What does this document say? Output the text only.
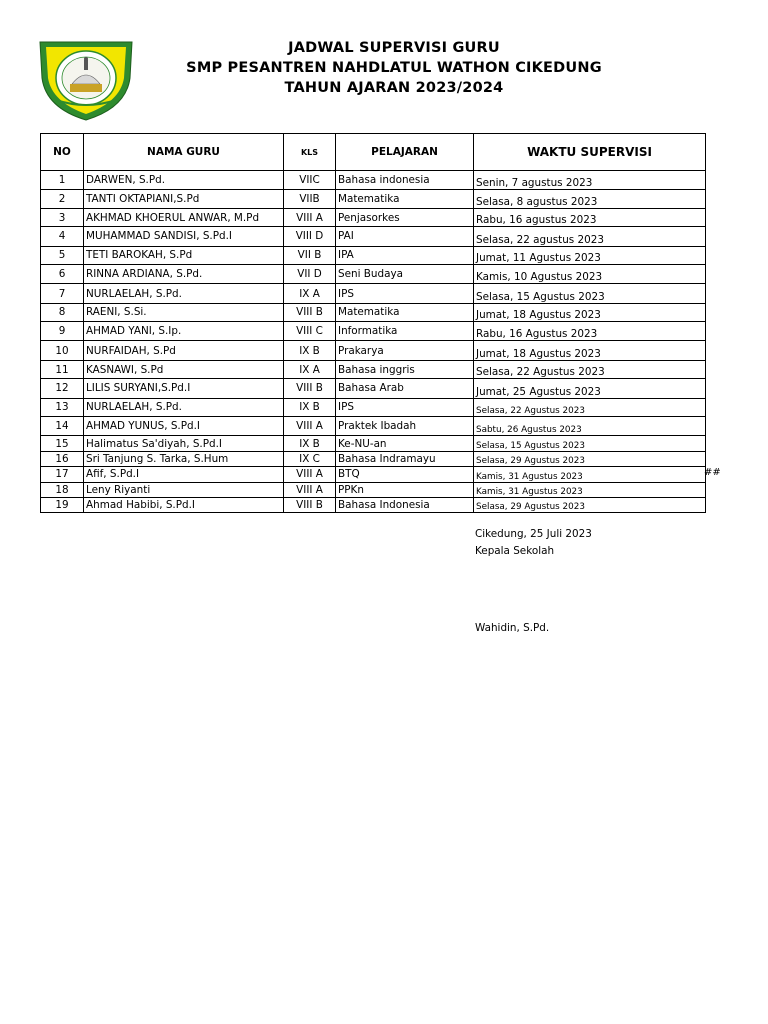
JADWAL SUPERVISI GURU
SMP PESANTREN NAHDLATUL WATHON CIKEDUNG
TAHUN AJARAN 2023/2024
NO	NAMA GURU	KLS	PELAJARAN	WAKTU SUPERVISI
1	DARWEN, S.Pd.	VIIC	Bahasa indonesia	Senin, 7 agustus 2023
2	TANTI OKTAPIANI,S.Pd	VIIB	Matematika	Selasa, 8 agustus 2023
3	AKHMAD KHOERUL ANWAR, M.Pd	VIII A	Penjasorkes	Rabu, 16 agustus 2023
4	MUHAMMAD SANDISI, S.Pd.I	VIII D	PAI	Selasa, 22 agustus 2023
5	TETI BAROKAH, S.Pd	VII B	IPA	Jumat, 11 Agustus 2023
6	RINNA ARDIANA, S.Pd.	VII D	Seni Budaya	Kamis, 10 Agustus 2023
7	NURLAELAH, S.Pd.	IX A	IPS	Selasa, 15 Agustus 2023
8	RAENI, S.Si.	VIII B	Matematika	Jumat, 18 Agustus 2023
9	AHMAD YANI, S.Ip.	VIII C	Informatika	Rabu, 16 Agustus 2023
10	NURFAIDAH, S.Pd	IX B	Prakarya	Jumat, 18 Agustus 2023
11	KASNAWI, S.Pd	IX A	Bahasa inggris	Selasa, 22 Agustus 2023
12	LILIS SURYANI,S.Pd.I	VIII B	Bahasa Arab	Jumat, 25 Agustus 2023
13	NURLAELAH, S.Pd.	IX B	IPS	Selasa, 22 Agustus 2023
14	AHMAD YUNUS, S.Pd.I	VIII A	Praktek Ibadah	Sabtu, 26 Agustus 2023
15	Halimatus Sa'diyah, S.Pd.I	IX B	Ke-NU-an	Selasa, 15 Agustus 2023
16	Sri Tanjung S. Tarka, S.Hum	IX C	Bahasa Indramayu	Selasa, 29 Agustus 2023
17	Afif, S.Pd.I	VIII A	BTQ	Kamis, 31 Agustus 2023
18	Leny Riyanti	VIII A	PPKn	Kamis, 31 Agustus 2023
19	Ahmad Habibi, S.Pd.I	VIII B	Bahasa Indonesia	Selasa, 29 Agustus 2023
##
Cikedung, 25 Juli 2023
Kepala Sekolah
Wahidin, S.Pd.
